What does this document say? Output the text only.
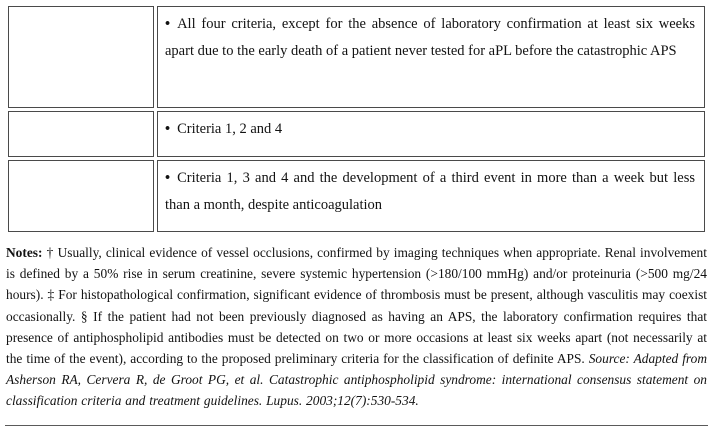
	• All four criteria, except for the absence of laboratory confirmation at least six weeks apart due to the early death of a patient never tested for aPL before the catastrophic APS
	• Criteria 1, 2 and 4
	• Criteria 1, 3 and 4 and the development of a third event in more than a week but less than a month, despite anticoagulation

Notes: † Usually, clinical evidence of vessel occlusions, confirmed by imaging techniques when appropriate. Renal involvement is defined by a 50% rise in serum creatinine, severe systemic hypertension (>180/100 mmHg) and/or proteinuria (>500 mg/24 hours). ‡ For histopathological confirmation, significant evidence of thrombosis must be present, although vasculitis may coexist occasionally. § If the patient had not been previously diagnosed as having an APS, the laboratory confirmation requires that presence of antiphospholipid antibodies must be detected on two or more occasions at least six weeks apart (not necessarily at the time of the event), according to the proposed preliminary criteria for the classification of definite APS. Source: Adapted from Asherson RA, Cervera R, de Groot PG, et al. Catastrophic antiphospholipid syndrome: international consensus statement on classification criteria and treatment guidelines. Lupus. 2003;12(7):530-534.
